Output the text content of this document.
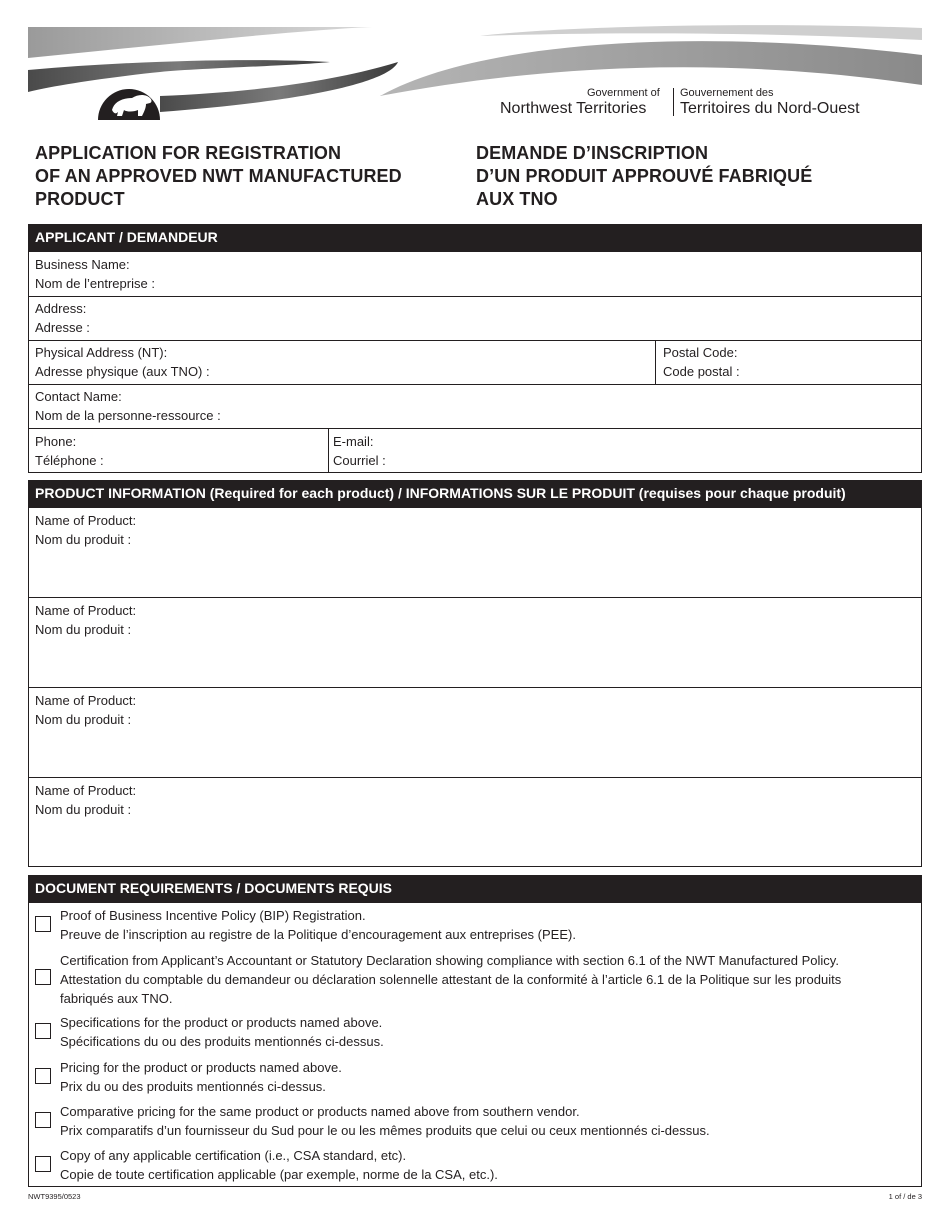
Government of
Northwest Territories
Gouvernement des
Territoires du Nord-Ouest
APPLICATION FOR REGISTRATION
OF AN APPROVED NWT MANUFACTURED
PRODUCT
DEMANDE D’INSCRIPTION
D’UN PRODUIT APPROUVÉ FABRIQUÉ
AUX TNO
APPLICANT / DEMANDEUR
Business Name:
Nom de l’entreprise :
Address:
Adresse :
Physical Address (NT):
Adresse physique (aux TNO) :
Postal Code:
Code postal :
Contact Name:
Nom de la personne-ressource :
Phone:
Téléphone :
E-mail:
Courriel :
PRODUCT INFORMATION (Required for each product) / INFORMATIONS SUR LE PRODUIT (requises pour chaque produit)
Name of Product:
Nom du produit :
Name of Product:
Nom du produit :
Name of Product:
Nom du produit :
Name of Product:
Nom du produit :
DOCUMENT REQUIREMENTS / DOCUMENTS REQUIS
Proof of Business Incentive Policy (BIP) Registration.
Preuve de l’inscription au registre de la Politique d’encouragement aux entreprises (PEE).
Certification from Applicant’s Accountant or Statutory Declaration showing compliance with section 6.1 of the NWT Manufactured Policy.
Attestation du comptable du demandeur ou déclaration solennelle attestant de la conformité à l’article 6.1 de la Politique sur les produits
fabriqués aux TNO.
Specifications for the product or products named above.
Spécifications du ou des produits mentionnés ci-dessus.
Pricing for the product or products named above.
Prix du ou des produits mentionnés ci-dessus.
Comparative pricing for the same product or products named above from southern vendor.
Prix comparatifs d’un fournisseur du Sud pour le ou les mêmes produits que celui ou ceux mentionnés ci-dessus.
Copy of any applicable certification (i.e., CSA standard, etc).
Copie de toute certification applicable (par exemple, norme de la CSA, etc.).
NWT9395/0523	1 of / de 3
